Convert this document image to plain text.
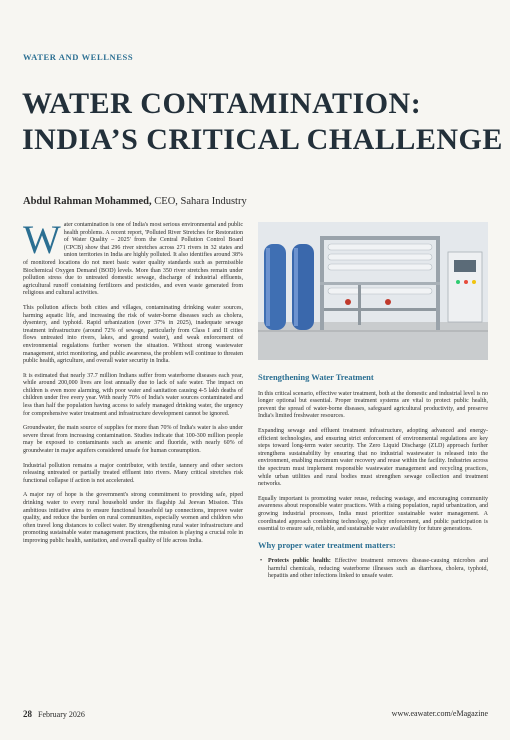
WATER AND WELLNESS
WATER CONTAMINATION:
INDIA’S CRITICAL CHALLENGE
Abdul Rahman Mohammed, CEO, Sahara Industry

Water contamination is one of India's most serious environmental and public health problems. A recent report, 'Polluted River Stretches for Restoration of Water Quality – 2025' from the Central Pollution Control Board (CPCB) show that 296 river stretches across 271 rivers in 32 states and union territories in India are highly polluted. It also identifies around 38% of monitored locations do not meet basic water quality standards such as permissible Biochemical Oxygen Demand (BOD) levels. More than 350 river stretches remain under pollution stress due to untreated domestic sewage, discharge of industrial effluents, agricultural runoff containing fertilizers and pesticides, and even waste generated from religious and cultural activities.

This pollution affects both cities and villages, contaminating drinking water sources, harming aquatic life, and increasing the risk of water-borne diseases such as cholera, dysentery, and typhoid. Rapid urbanization (over 37% in 2025), inadequate sewage treatment infrastructure (around 72% of sewage, particularly from Class I and II cities flows untreated into rivers, lakes, and ground water), and weak enforcement of environmental regulations further worsen the situation. Without strong wastewater management, strict monitoring, and public awareness, the problem will continue to threaten public health, agriculture, and overall water security in India.

It is estimated that nearly 37.7 million Indians suffer from waterborne diseases each year, while around 200,000 lives are lost annually due to lack of safe water. The impact on children is even more alarming, with poor water and sanitation causing 4-5 lakh deaths of children under five every year. With nearly 70% of India's water sources contaminated and less than half the population having access to safely managed drinking water, the urgency for comprehensive water treatment and infrastructure development cannot be ignored.

Groundwater, the main source of supplies for more than 70% of India's water is also under severe threat from increasing contamination. Studies indicate that 100-300 million people may be exposed to contaminants such as arsenic and fluoride, with nearly 60% of groundwater in major aquifers considered unsafe for human consumption.

Industrial pollution remains a major contributor, with textile, tannery and other sectors releasing untreated or partially treated effluent into rivers. Many critical stretches risk functional collapse if action is not accelerated.

A major ray of hope is the government's strong commitment to providing safe, piped drinking water to every rural household under its flagship Jal Jeevan Mission. This ambitious initiative aims to ensure functional household tap connections, improve water quality, and reduce the burden on rural communities, especially women and children who often travel long distances to collect water. By strengthening rural water infrastructure and promoting sustainable water management practices, the mission is playing a crucial role in improving public health, sanitation, and overall quality of life across India.

Strengthening Water Treatment

In this critical scenario, effective water treatment, both at the domestic and industrial level is no longer optional but essential. Proper treatment systems are vital to protect public health, prevent the spread of water-borne diseases, safeguard agricultural productivity, and preserve India's limited freshwater resources.

Expanding sewage and effluent treatment infrastructure, adopting advanced and energy-efficient technologies, and ensuring strict enforcement of environmental regulations are key steps toward long-term water security. The Zero Liquid Discharge (ZLD) approach further strengthens sustainability by ensuring that no industrial wastewater is released into the environment, enabling maximum water recovery and reuse within the facility. Industries across the spectrum must implement responsible wastewater management and recycling practices, while urban utilities and rural bodies must strengthen sewage collection and treatment networks.

Equally important is promoting water reuse, reducing wastage, and encouraging community awareness about responsible water practices. With a rising population, rapid urbanization, and growing industrial processes, India must prioritize sustainable water management. A coordinated approach combining technology, policy enforcement, and public participation is essential to ensure safe, reliable, and sustainable water availability for future generations.

Why proper water treatment matters:

• Protects public health: Effective treatment removes disease-causing microbes and harmful chemicals, reducing waterborne illnesses such as diarrhoea, cholera, typhoid, hepatitis and other infections linked to unsafe water.

28 February 2026	www.eawater.com/eMagazine
